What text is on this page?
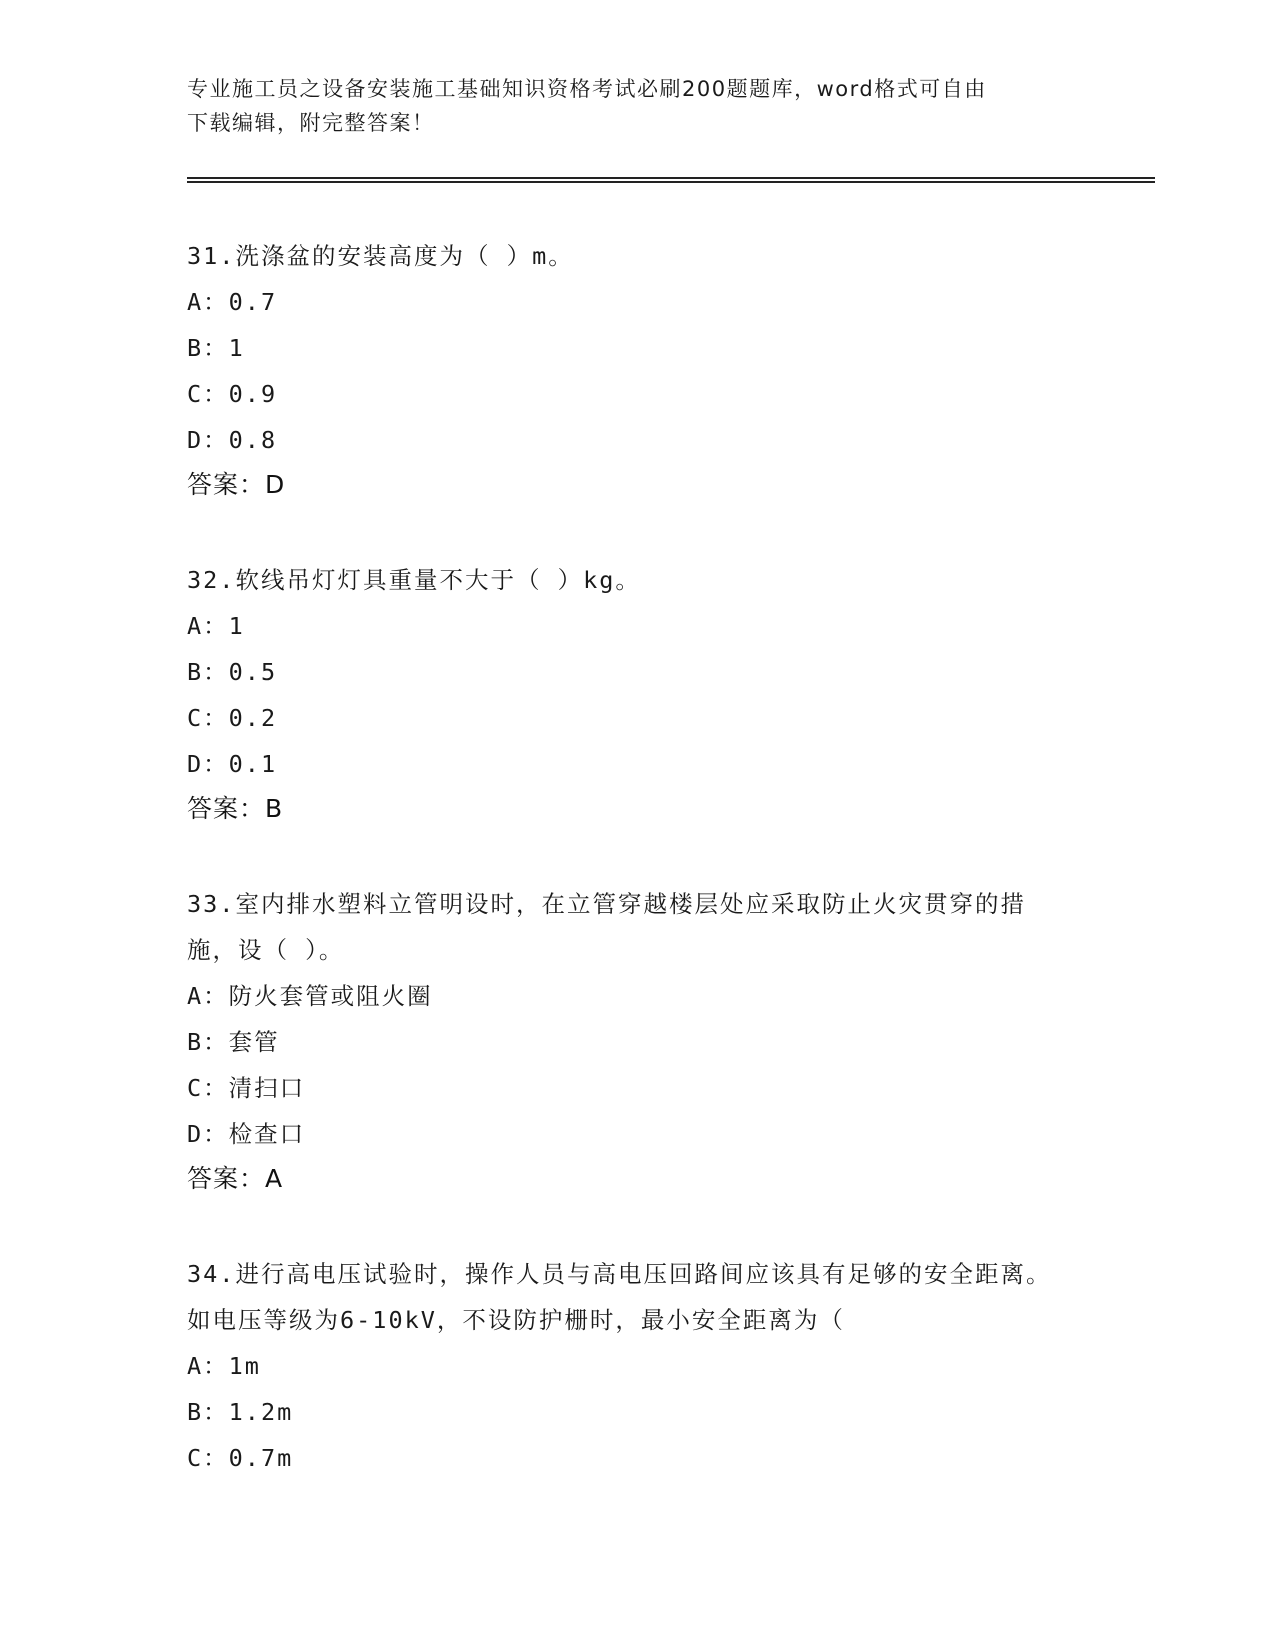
专业施工员之设备安装施工基础知识资格考试必刷200题题库，word格式可自由
下载编辑，附完整答案！
31.洗涤盆的安装高度为（ ）m。
A：0.7
B：1
C：0.9
D：0.8
答案：D
32.软线吊灯灯具重量不大于（ ）kg。
A：1
B：0.5
C：0.2
D：0.1
答案：B
33.室内排水塑料立管明设时，在立管穿越楼层处应采取防止火灾贯穿的措施，设（ ）。
A：防火套管或阻火圈
B：套管
C：清扫口
D：检查口
答案：A
34.进行高电压试验时，操作人员与高电压回路间应该具有足够的安全距离。如电压等级为6-10kV，不设防护栅时，最小安全距离为（
A：1m
B：1.2m
C：0.7m
